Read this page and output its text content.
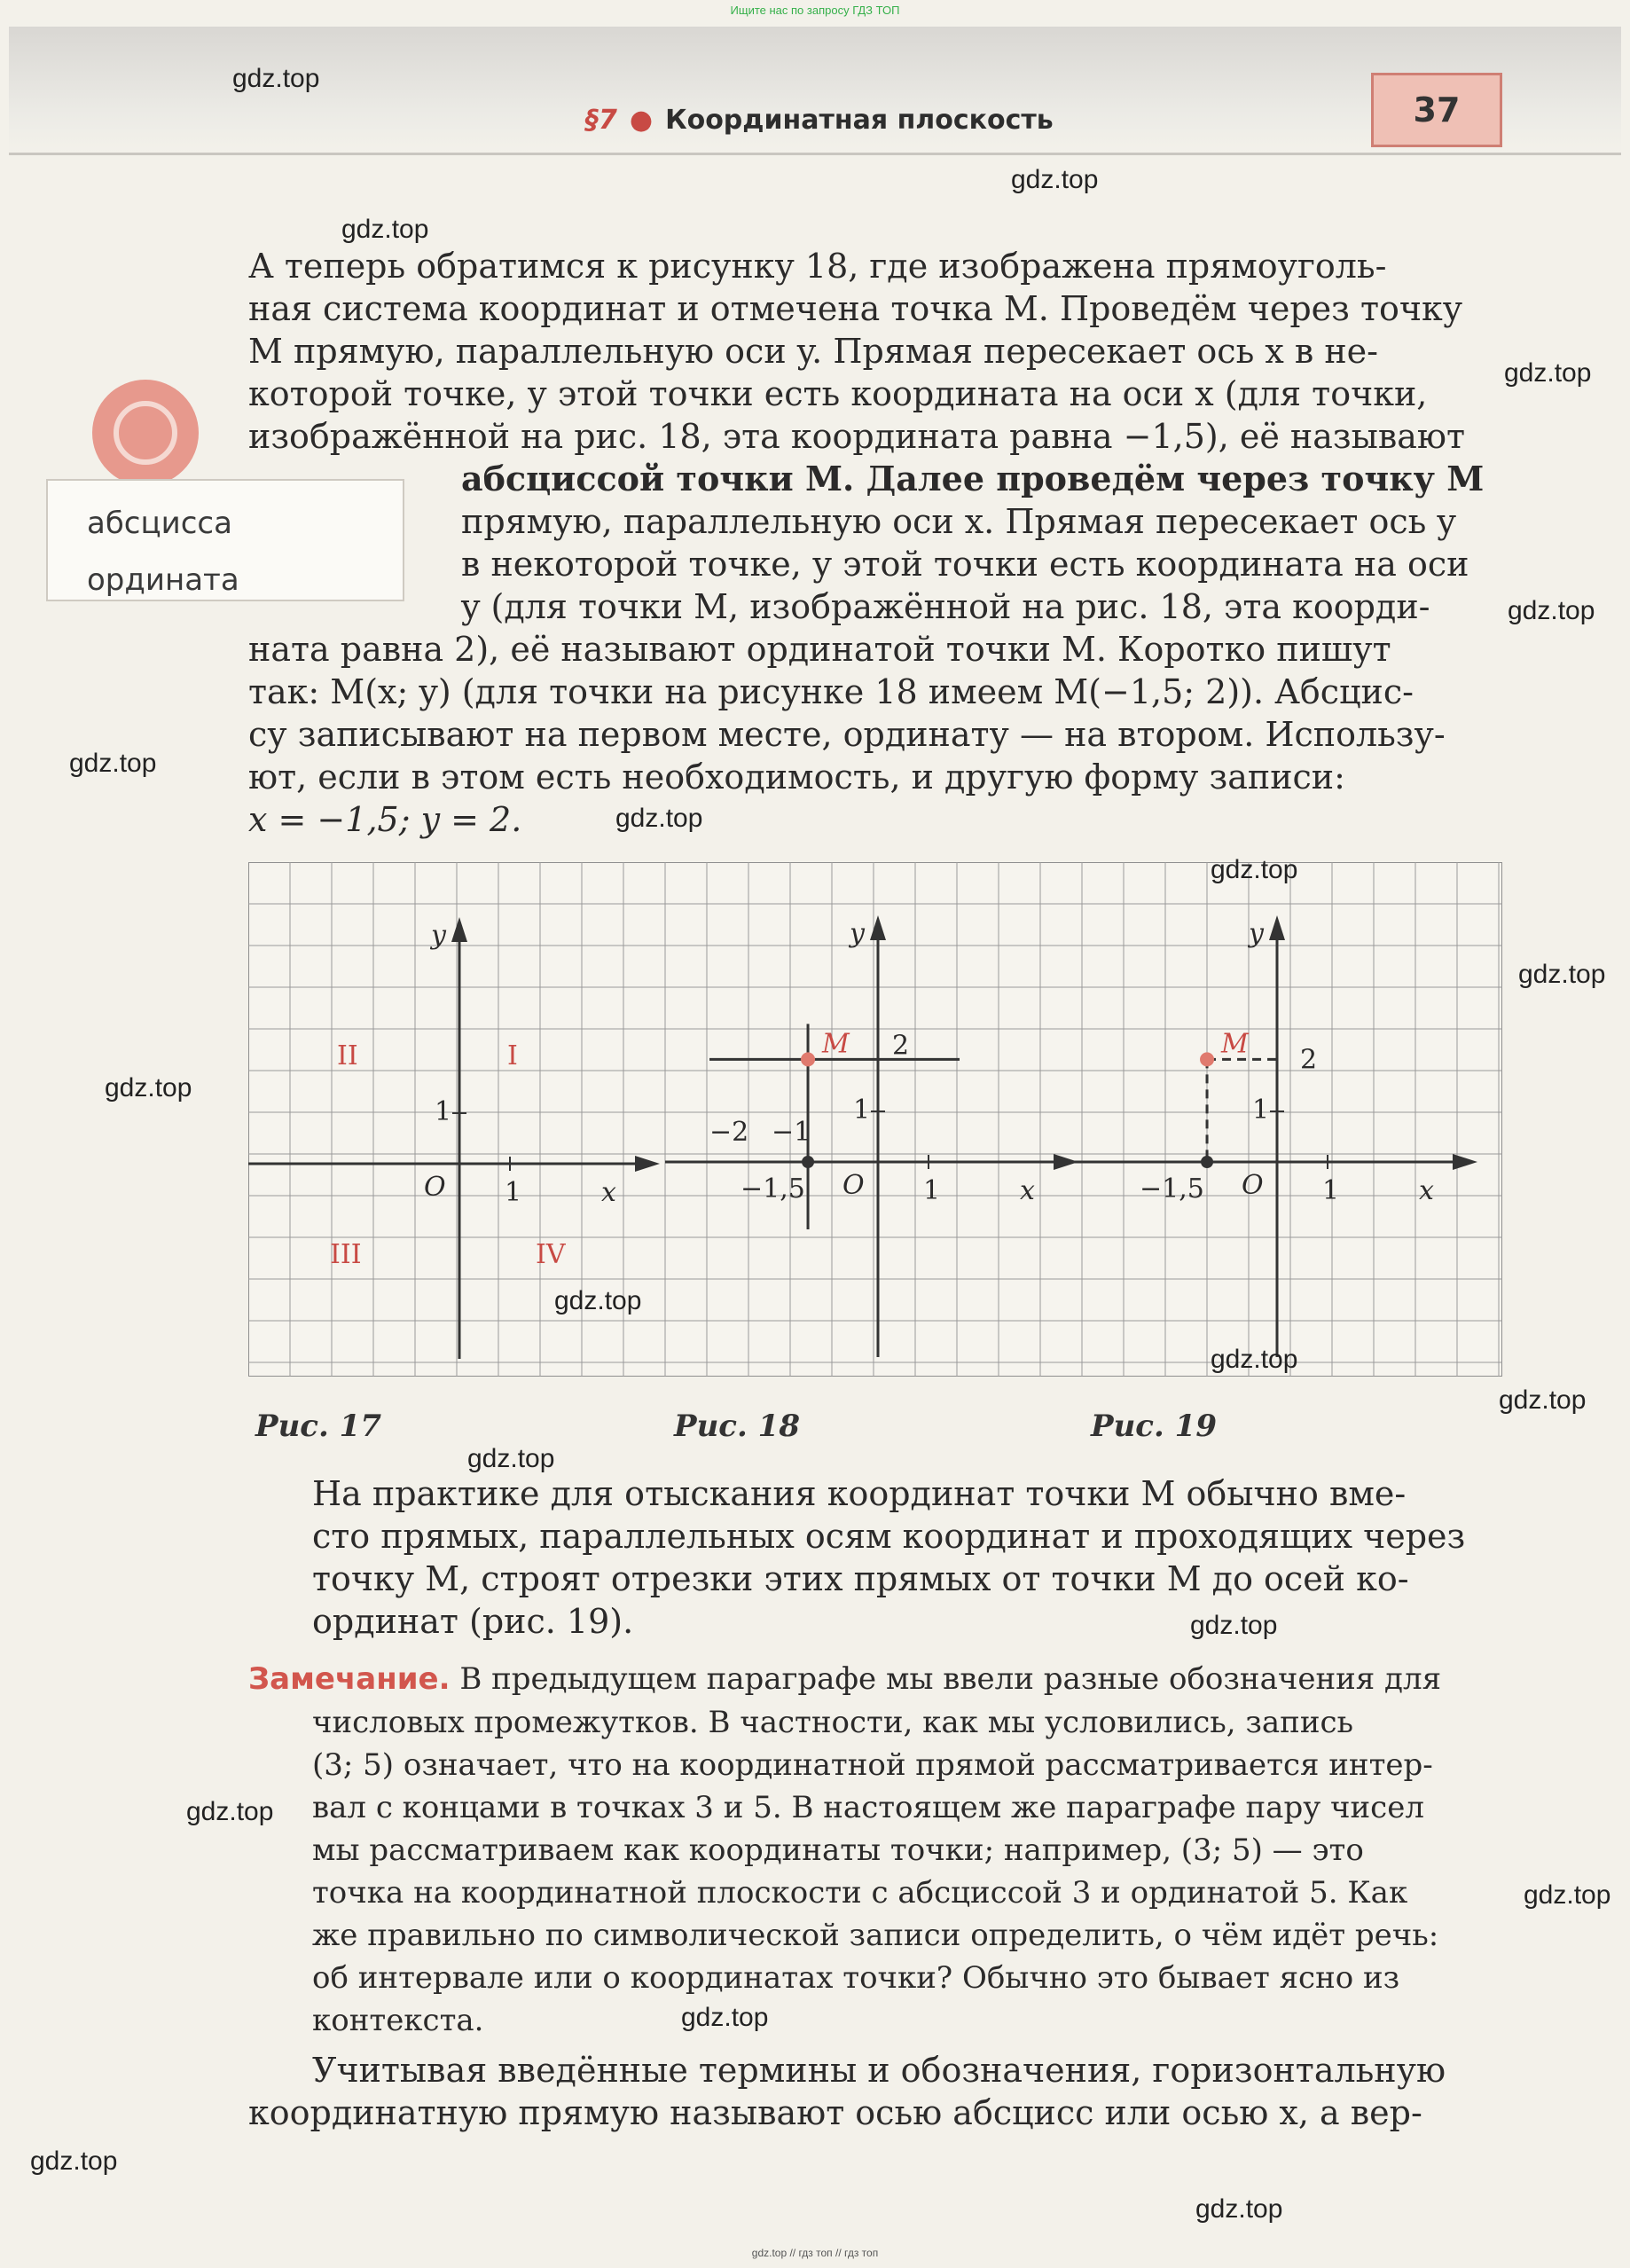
Ищите нас по запросу ГДЗ ТОП
§7 ● Координатная плоскость	37
абсцисса
ордината
А теперь обратимся к рисунку 18, где изображена прямоуголь-
ная система координат и отмечена точка M. Проведём через точку
M прямую, параллельную оси y. Прямая пересекает ось x в не-
которой точке, у этой точки есть координата на оси x (для точки,
изображённой на рис. 18, эта координата равна −1,5), её называют
абсциссой точки M. Далее проведём через точку M
прямую, параллельную оси x. Прямая пересекает ось y
в некоторой точке, у этой точки есть координата на оси
y (для точки M, изображённой на рис. 18, эта коорди-
ната равна 2), её называют ординатой точки M. Коротко пишут
так: M(x; y) (для точки на рисунке 18 имеем M(−1,5; 2)). Абсцис-
су записывают на первом месте, ординату — на втором. Использу-
ют, если в этом есть необходимость, и другую форму записи:
x = −1,5; y = 2.
1
1
O	x
y
I
II
III	IV
1
1
O	x
y
M 2
−2 −1
−1,5	1
1
O	x
y
M
2
−1,5
Рис. 17	Рис. 18	Рис. 19
На практике для отыскания координат точки M обычно вме-
сто прямых, параллельных осям координат и проходящих через
точку M, строят отрезки этих прямых от точки M до осей ко-
ординат (рис. 19).
Замечание. В предыдущем параграфе мы ввели разные обозначения для
числовых промежутков. В частности, как мы условились, запись
(3; 5) означает, что на координатной прямой рассматривается интер-
вал с концами в точках 3 и 5. В настоящем же параграфе пару чисел
мы рассматриваем как координаты точки; например, (3; 5) — это
точка на координатной плоскости с абсциссой 3 и ординатой 5. Как
же правильно по символической записи определить, о чём идёт речь:
об интервале или о координатах точки? Обычно это бывает ясно из
контекста.
Учитывая введённые термины и обозначения, горизонтальную
координатную прямую называют осью абсцисс или осью x, а вер-
gdz.top
gdz.top
gdz.top
gdz.top
gdz.top
gdz.top
gdz.top
gdz.top
gdz.top
gdz.top
gdz.top
gdz.top
gdz.top
gdz.top
gdz.top
gdz.top
gdz.top
gdz.top
gdz.top
gdz.top
gdz.top // гдз топ // гдз топ
